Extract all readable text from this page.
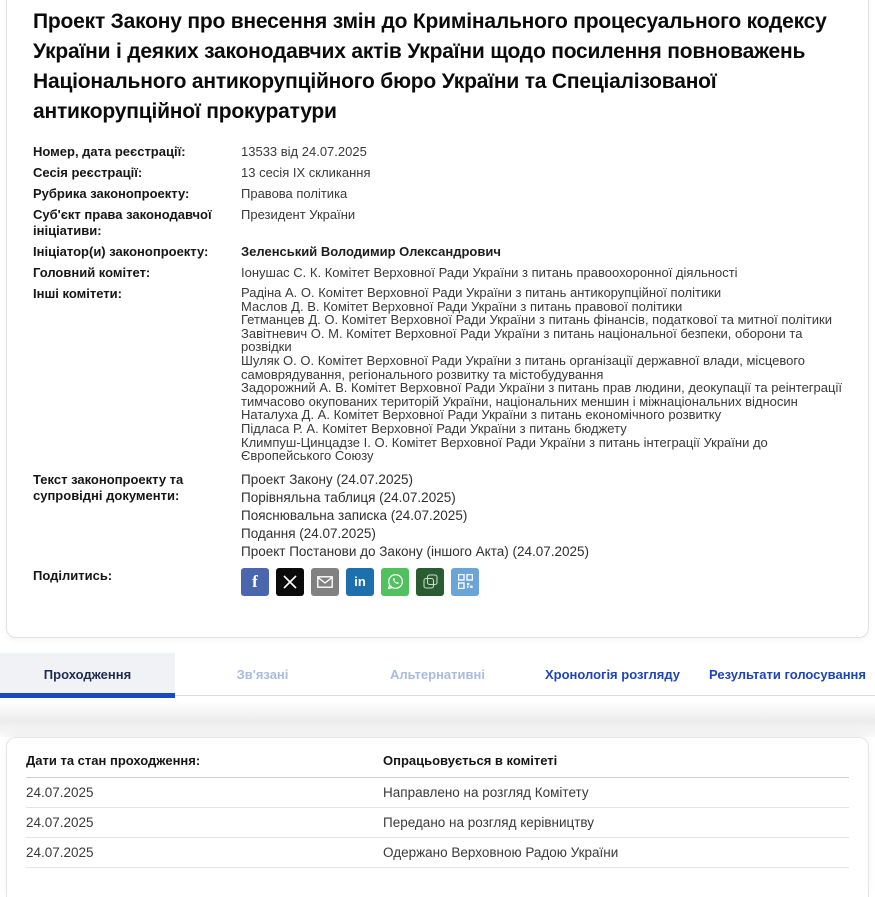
Проект Закону про внесення змін до Кримінального процесуального кодексу України і деяких законодавчих актів України щодо посилення повноважень Національного антикорупційного бюро України та Спеціалізованої антикорупційної прокуратури
Номер, дата реєстрації:	13533 від 24.07.2025
Сесія реєстрації:	13 сесія IX скликання
Рубрика законопроекту:	Правова політика
Суб'єкт права законодавчої ініціативи:
Президент України
Ініціатор(и) законопроекту:	Зеленський Володимир Олександрович
Головний комітет:	Іонушас С. К. Комітет Верховної Ради України з питань правоохоронної діяльності
Інші комітети:	Радіна А. О. Комітет Верховної Ради України з питань антикорупційної політики
Маслов Д. В. Комітет Верховної Ради України з питань правової політики
Гетманцев Д. О. Комітет Верховної Ради України з питань фінансів, податкової та митної політики
Завітневич О. М. Комітет Верховної Ради України з питань національної безпеки, оборони та розвідки
Шуляк О. О. Комітет Верховної Ради України з питань організації державної влади, місцевого самоврядування, регіонального розвитку та містобудування
Задорожний А. В. Комітет Верховної Ради України з питань прав людини, деокупації та реінтеграції тимчасово окупованих територій України, національних меншин і міжнаціональних відносин
Наталуха Д. А. Комітет Верховної Ради України з питань економічного розвитку
Підласа Р. А. Комітет Верховної Ради України з питань бюджету
Климпуш-Цинцадзе І. О. Комітет Верховної Ради України з питань інтеграції України до Європейського Союзу
Текст законопроекту та супровідні документи:
Проект Закону (24.07.2025)
Порівняльна таблиця (24.07.2025)
Пояснювальна записка (24.07.2025)
Подання (24.07.2025)
Проект Постанови до Закону (іншого Акта) (24.07.2025)
Поділитись:	f	in
Проходження	Зв'язані	Альтернативні	Хронологія розгляду Результати голосування
Дати та стан проходження:	Опрацьовується в комітеті
24.07.2025	Направлено на розгляд Комітету
24.07.2025	Передано на розгляд керівництву
24.07.2025	Одержано Верховною Радою України
